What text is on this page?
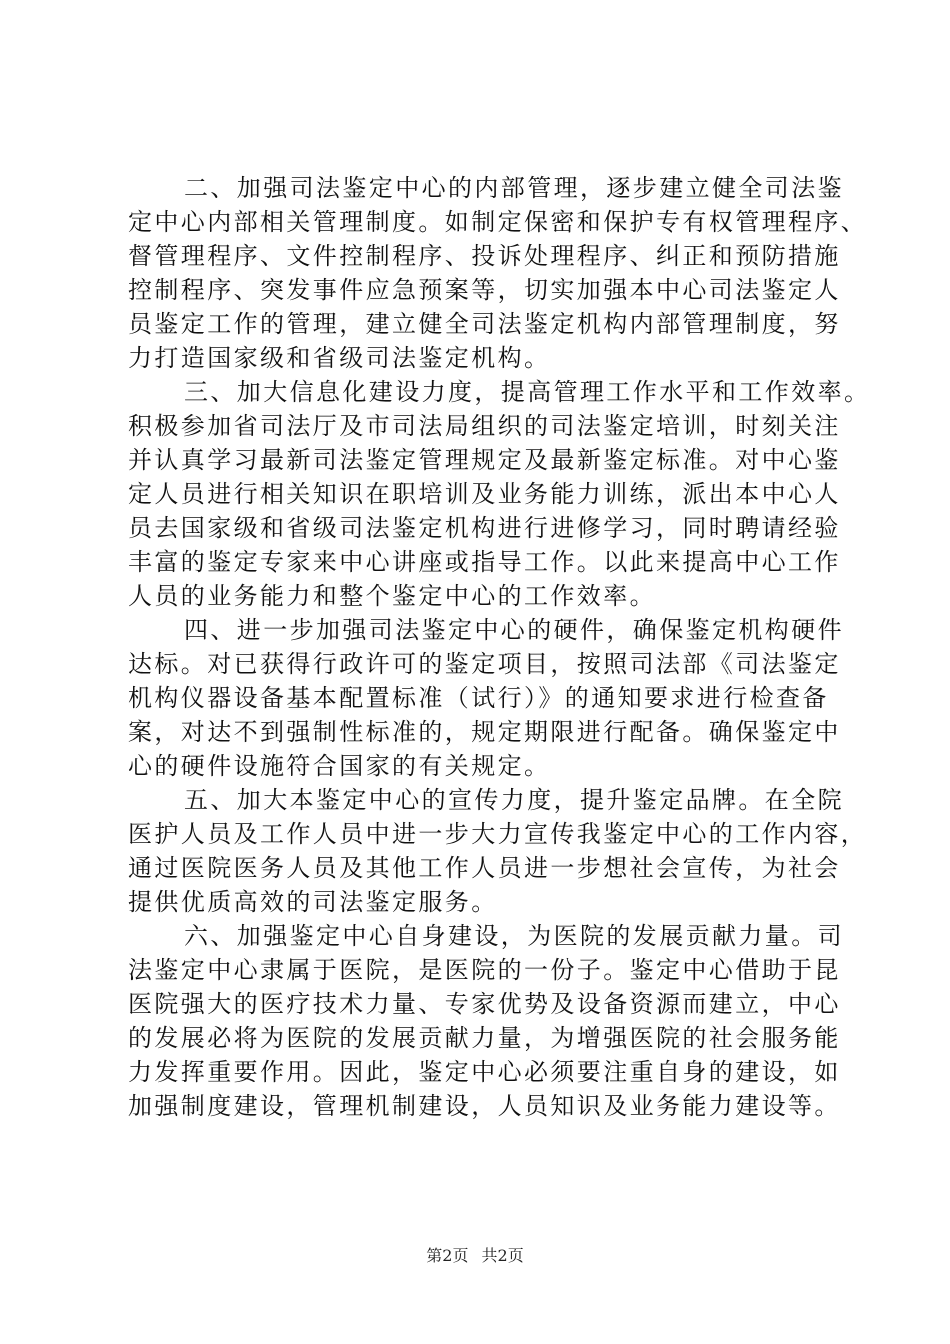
二、加强司法鉴定中心的内部管理，逐步建立健全司法鉴
定中心内部相关管理制度。如制定保密和保护专有权管理程序、
督管理程序、文件控制程序、投诉处理程序、纠正和预防措施
控制程序、突发事件应急预案等，切实加强本中心司法鉴定人
员鉴定工作的管理，建立健全司法鉴定机构内部管理制度，努
力打造国家级和省级司法鉴定机构。
三、加大信息化建设力度，提高管理工作水平和工作效率。
积极参加省司法厅及市司法局组织的司法鉴定培训，时刻关注
并认真学习最新司法鉴定管理规定及最新鉴定标准。对中心鉴
定人员进行相关知识在职培训及业务能力训练，派出本中心人
员去国家级和省级司法鉴定机构进行进修学习，同时聘请经验
丰富的鉴定专家来中心讲座或指导工作。以此来提高中心工作
人员的业务能力和整个鉴定中心的工作效率。
四、进一步加强司法鉴定中心的硬件，确保鉴定机构硬件
达标。对已获得行政许可的鉴定项目，按照司法部《司法鉴定
机构仪器设备基本配置标准（试行）》的通知要求进行检查备
案，对达不到强制性标准的，规定期限进行配备。确保鉴定中
心的硬件设施符合国家的有关规定。
五、加大本鉴定中心的宣传力度，提升鉴定品牌。在全院
医护人员及工作人员中进一步大力宣传我鉴定中心的工作内容，
通过医院医务人员及其他工作人员进一步想社会宣传，为社会
提供优质高效的司法鉴定服务。
六、加强鉴定中心自身建设，为医院的发展贡献力量。司
法鉴定中心隶属于医院，是医院的一份子。鉴定中心借助于昆
医院强大的医疗技术力量、专家优势及设备资源而建立，中心
的发展必将为医院的发展贡献力量，为增强医院的社会服务能
力发挥重要作用。因此，鉴定中心必须要注重自身的建设，如
加强制度建设，管理机制建设，人员知识及业务能力建设等。
第2页 共2页
